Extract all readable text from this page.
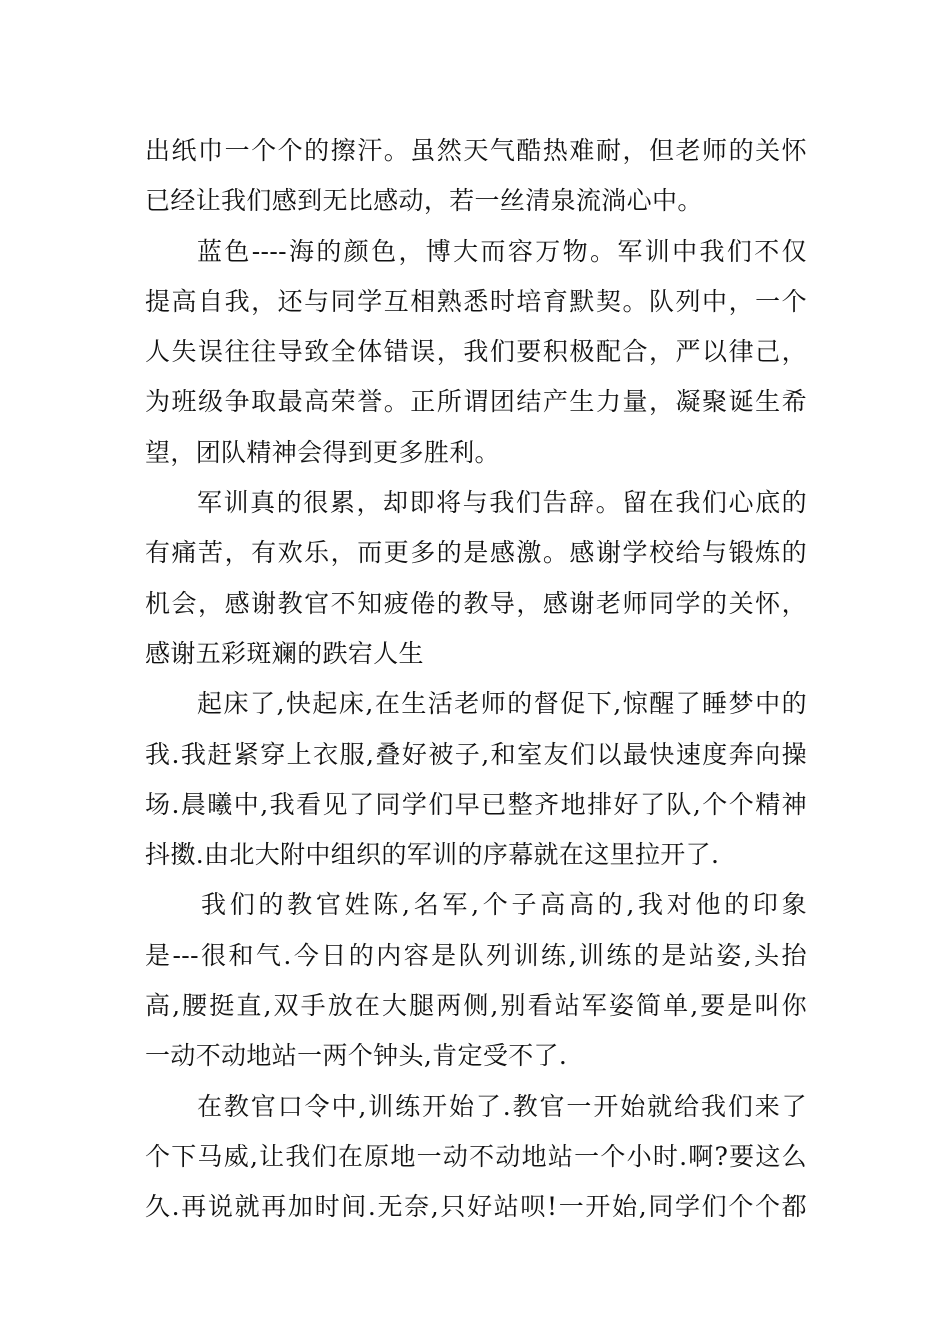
出纸巾一个个的擦汗。虽然天气酷热难耐，但老师的关怀
已经让我们感到无比感动，若一丝清泉流淌心中。

蓝色----海的颜色，博大而容万物。军训中我们不仅
提高自我，还与同学互相熟悉时培育默契。队列中，一个
人失误往往导致全体错误，我们要积极配合，严以律己，
为班级争取最高荣誉。正所谓团结产生力量，凝聚诞生希
望，团队精神会得到更多胜利。

军训真的很累，却即将与我们告辞。留在我们心底的
有痛苦，有欢乐，而更多的是感激。感谢学校给与锻炼的
机会，感谢教官不知疲倦的教导，感谢老师同学的关怀，
感谢五彩斑斓的跌宕人生

起床了,快起床,在生活老师的督促下,惊醒了睡梦中的
我.我赶紧穿上衣服,叠好被子,和室友们以最快速度奔向操
场.晨曦中,我看见了同学们早已整齐地排好了队,个个精神
抖擞.由北大附中组织的军训的序幕就在这里拉开了.

我们的教官姓陈,名军,个子高高的,我对他的印象
是---很和气.今日的内容是队列训练,训练的是站姿,头抬
高,腰挺直,双手放在大腿两侧,别看站军姿简单,要是叫你
一动不动地站一两个钟头,肯定受不了.

在教官口令中,训练开始了.教官一开始就给我们来了
个下马威,让我们在原地一动不动地站一个小时.啊?要这么
久.再说就再加时间.无奈,只好站呗!一开始,同学们个个都
